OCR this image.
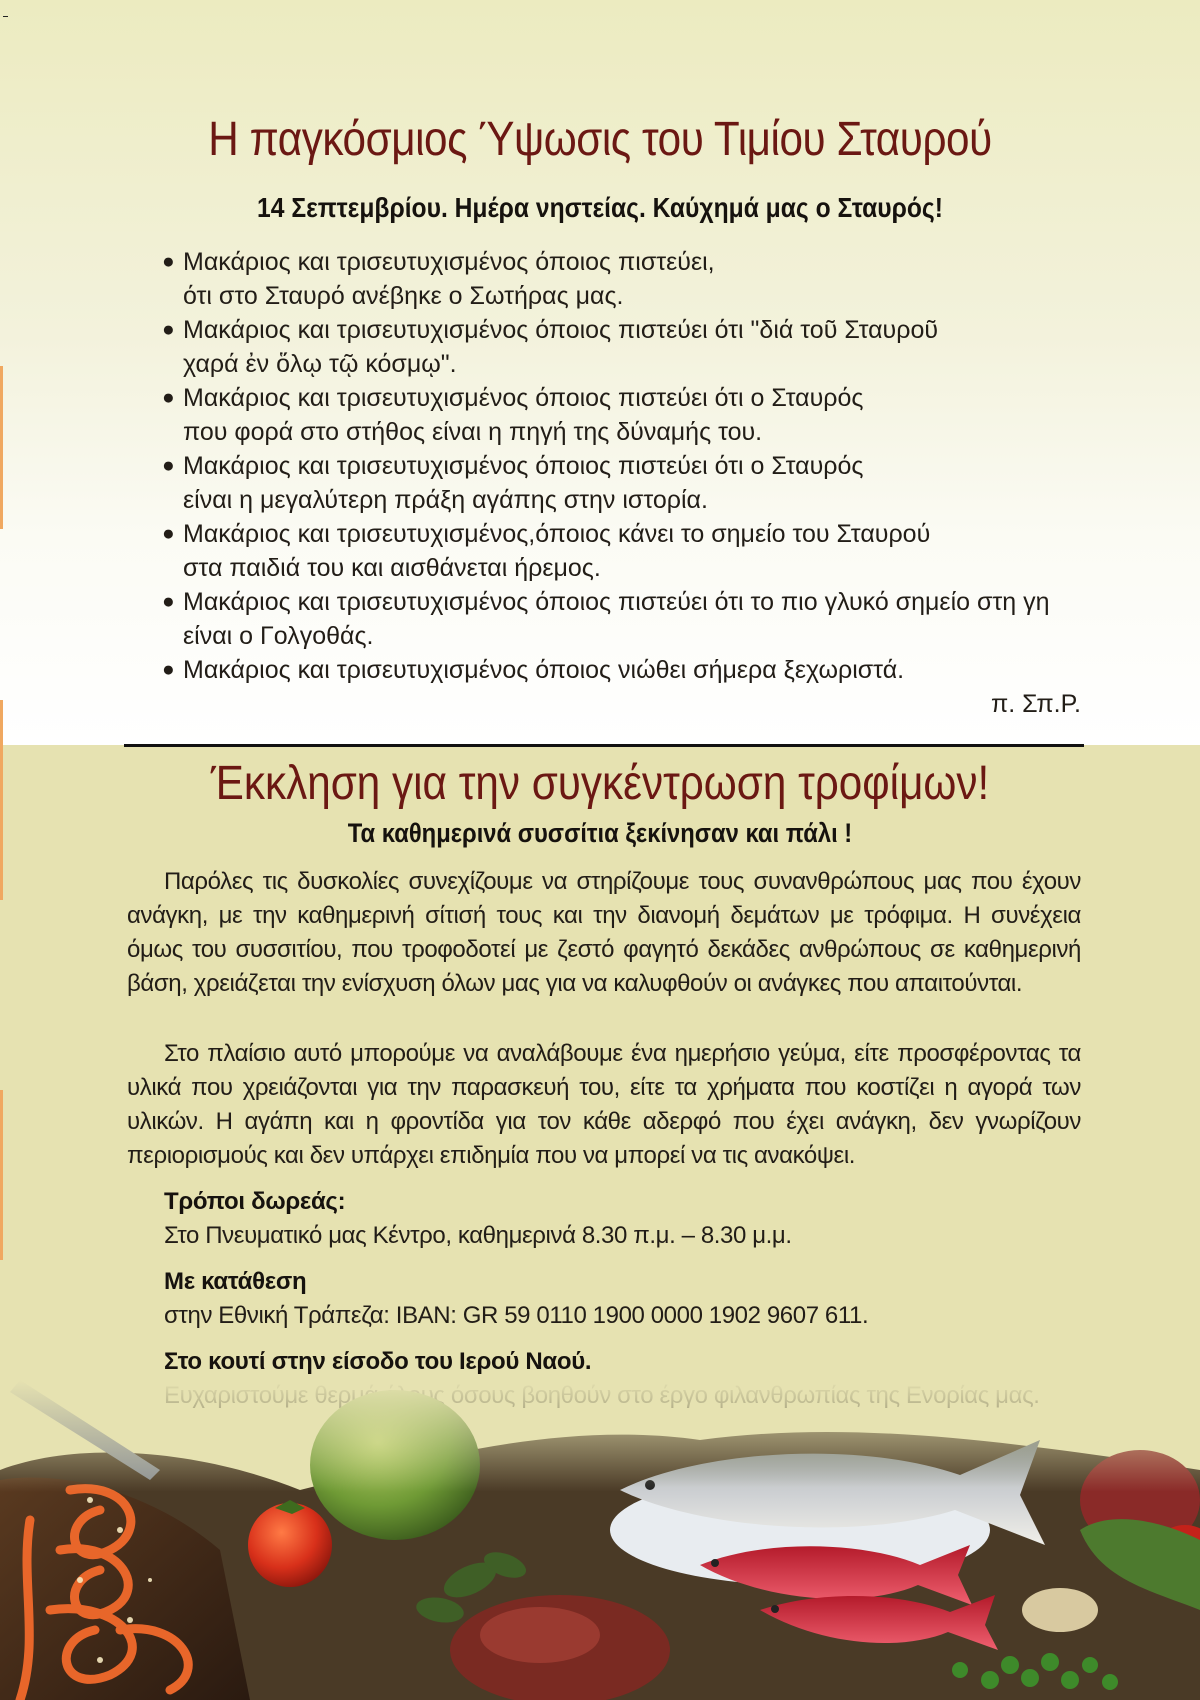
Η παγκόσμιος Ύψωσις του Τιμίου Σταυρού
14 Σεπτεμβρίου. Ημέρα νηστείας. Καύχημά μας ο Σταυρός!
● Μακάριος και τρισευτυχισμένος όποιος πιστεύει,
ότι στο Σταυρό ανέβηκε ο Σωτήρας μας.
● Μακάριος και τρισευτυχισμένος όποιος πιστεύει ότι "διά τοῦ Σταυροῦ
χαρά ἐν ὅλῳ τῷ κόσμῳ".
● Μακάριος και τρισευτυχισμένος όποιος πιστεύει ότι ο Σταυρός
που φορά στο στήθος είναι η πηγή της δύναμής του.
● Μακάριος και τρισευτυχισμένος όποιος πιστεύει ότι ο Σταυρός
είναι η μεγαλύτερη πράξη αγάπης στην ιστορία.
● Μακάριος και τρισευτυχισμένος,όποιος κάνει το σημείο του Σταυρού
στα παιδιά του και αισθάνεται ήρεμος.
● Μακάριος και τρισευτυχισμένος όποιος πιστεύει ότι το πιο γλυκό σημείο στη γη
είναι ο Γολγοθάς.
● Μακάριος και τρισευτυχισμένος όποιος νιώθει σήμερα ξεχωριστά.
π. Σπ.Ρ.
Έκκληση για την συγκέντρωση τροφίμων!
Τα καθημερινά συσσίτια ξεκίνησαν και πάλι !

Παρόλες τις δυσκολίες συνεχίζουμε να στηρίζουμε τους συνανθρώπους μας που έχουν ανάγκη, με την καθημερινή σίτισή τους και την διανομή δεμάτων με τρόφιμα. Η συνέχεια όμως του συσσιτίου, που τροφοδοτεί με ζεστό φαγητό δεκάδες ανθρώπους σε καθημερινή βάση, χρειάζεται την ενίσχυση όλων μας για να καλυφθούν οι ανάγκες που απαιτούνται.

Στο πλαίσιο αυτό μπορούμε να αναλάβουμε ένα ημερήσιο γεύμα, είτε προσφέροντας τα υλικά που χρειάζονται για την παρασκευή του, είτε τα χρήματα που κοστίζει η αγορά των υλικών. Η αγάπη και η φροντίδα για τον κάθε αδερφό που έχει ανάγκη, δεν γνωρίζουν περιορισμούς και δεν υπάρχει επιδημία που να μπορεί να τις ανακόψει.

Τρόποι δωρεάς:
Στο Πνευματικό μας Κέντρο, καθημερινά 8.30 π.μ. – 8.30 μ.μ.
Με κατάθεση
στην Εθνική Τράπεζα: IBAN: GR 59 0110 1900 0000 1902 9607 611.
Στο κουτί στην είσοδο του Ιερού Ναού.
